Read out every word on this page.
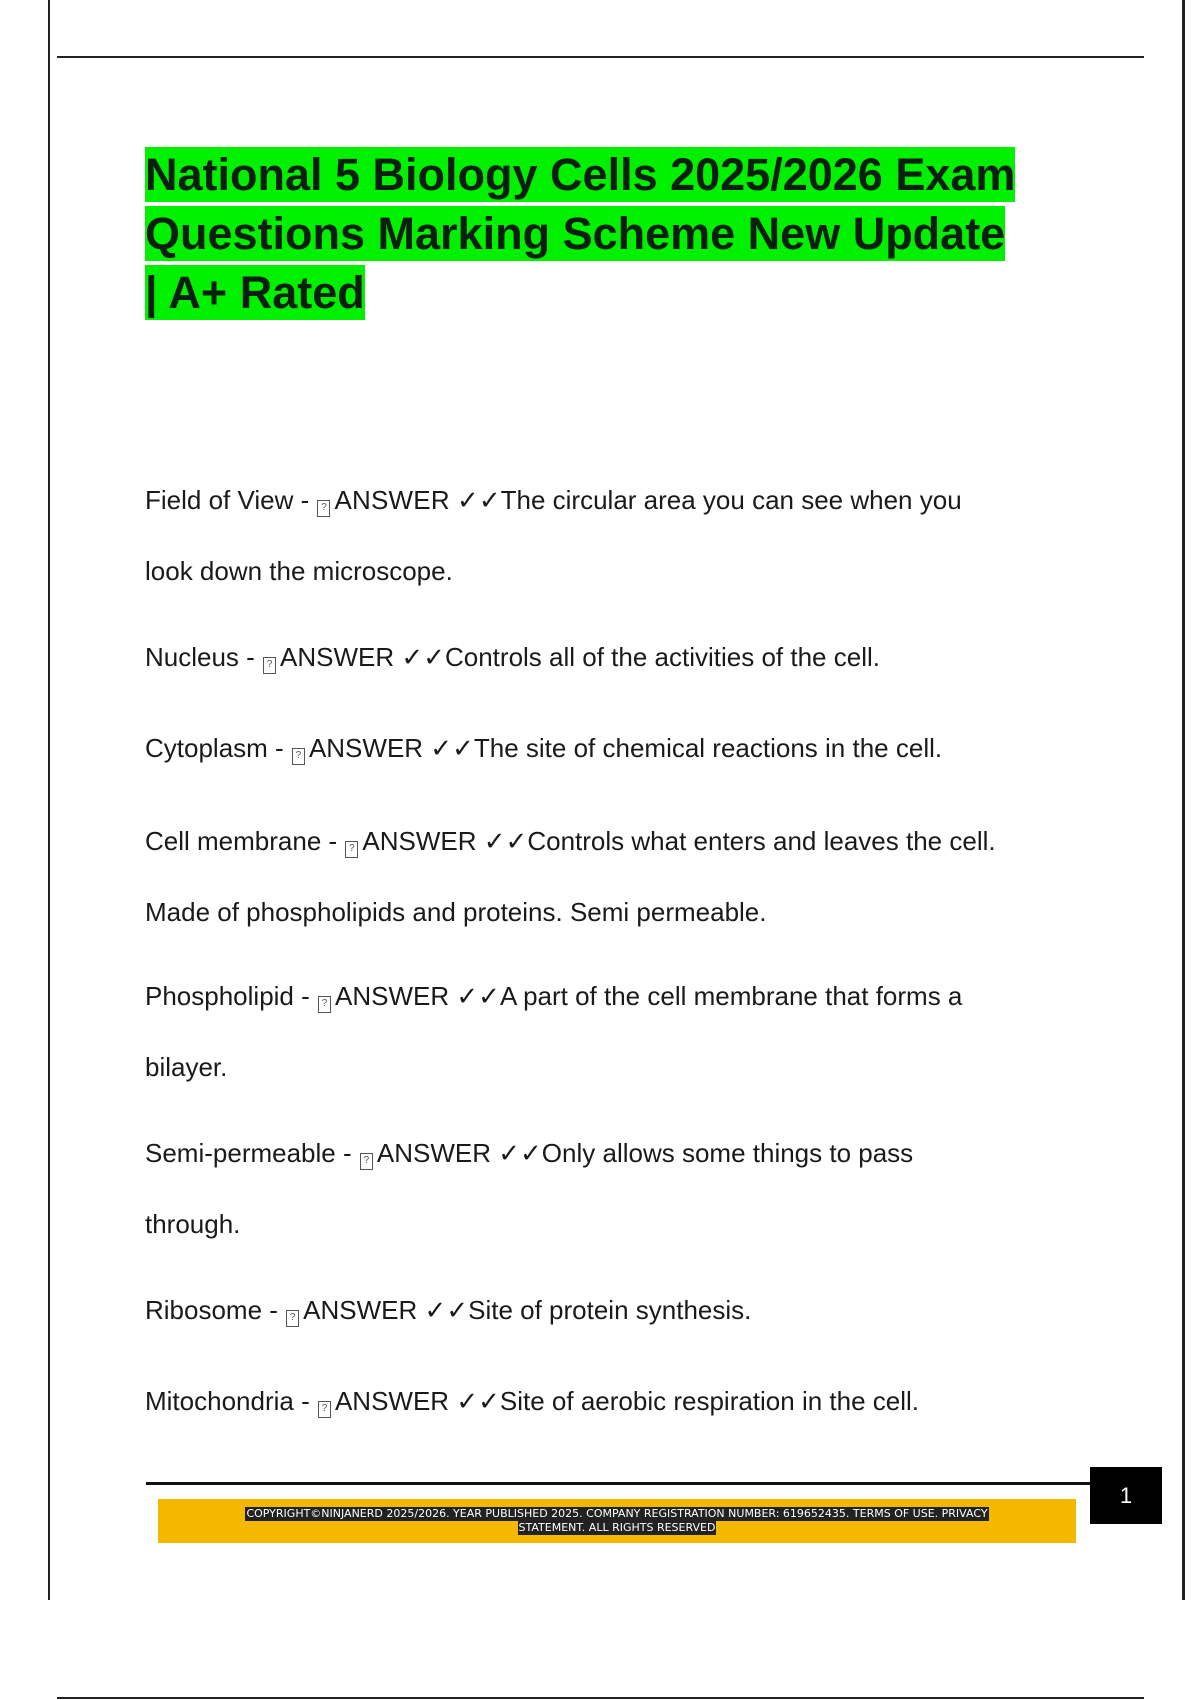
National 5 Biology Cells 2025/2026 Exam
Questions Marking Scheme New Update
| A+ Rated
Field of View - ? ANSWER ✓✓The circular area you can see when you
look down the microscope.
Nucleus - ? ANSWER ✓✓Controls all of the activities of the cell.
Cytoplasm - ? ANSWER ✓✓The site of chemical reactions in the cell.
Cell membrane - ? ANSWER ✓✓Controls what enters and leaves the cell.
Made of phospholipids and proteins. Semi permeable.
Phospholipid - ? ANSWER ✓✓A part of the cell membrane that forms a
bilayer.
Semi-permeable - ? ANSWER ✓✓Only allows some things to pass
through.
Ribosome - ? ANSWER ✓✓Site of protein synthesis.
Mitochondria - ? ANSWER ✓✓Site of aerobic respiration in the cell.
1
COPYRIGHT©NINJANERD 2025/2026. YEAR PUBLISHED 2025. COMPANY REGISTRATION NUMBER: 619652435. TERMS OF USE. PRIVACY
STATEMENT. ALL RIGHTS RESERVED
